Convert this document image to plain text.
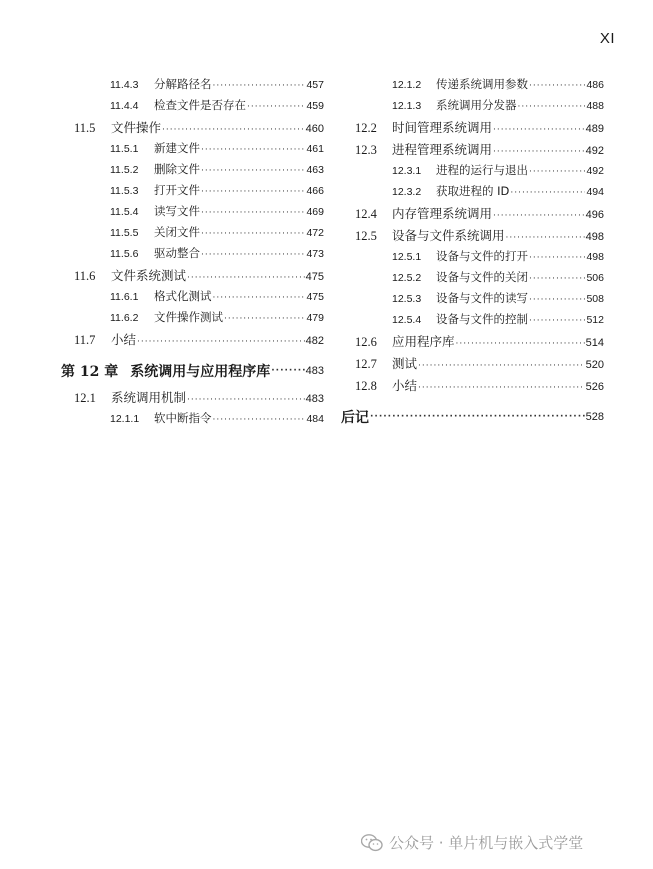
XI
11.4.3	分解路径名 ·····	457
11.4.4	检查文件是否存在 ·····	459
11.5	文件操作 ·····	460
11.5.1	新建文件 ·····	461
11.5.2	删除文件 ·····	463
11.5.3	打开文件 ·····	466
11.5.4	读写文件 ·····	469
11.5.5	关闭文件 ·····	472
11.5.6	驱动整合 ·····	473
11.6	文件系统测试 ·····	475
11.6.1	格式化测试 ·····	475
11.6.2	文件操作测试 ·····	479
11.7	小结 ·····	482
第 12 章 系统调用与应用程序库 ·····	483
12.1	系统调用机制 ·····	483
12.1.1	软中断指令 ·····	484
12.1.2	传递系统调用参数 ·····	486
12.1.3	系统调用分发器 ·····	488
12.2	时间管理系统调用 ·····	489
12.3	进程管理系统调用 ·····	492
12.3.1	进程的运行与退出 ·····	492
12.3.2	获取进程的 ID ·····	494
12.4	内存管理系统调用 ·····	496
12.5	设备与文件系统调用 ·····	498
12.5.1	设备与文件的打开 ·····	498
12.5.2	设备与文件的关闭 ·····	506
12.5.3	设备与文件的读写 ·····	508
12.5.4	设备与文件的控制 ·····	512
12.6	应用程序库 ·····	514
12.7	测试 ·····	520
12.8	小结 ·····	526
后记 ·····	528
公众号 · 单片机与嵌入式学堂
